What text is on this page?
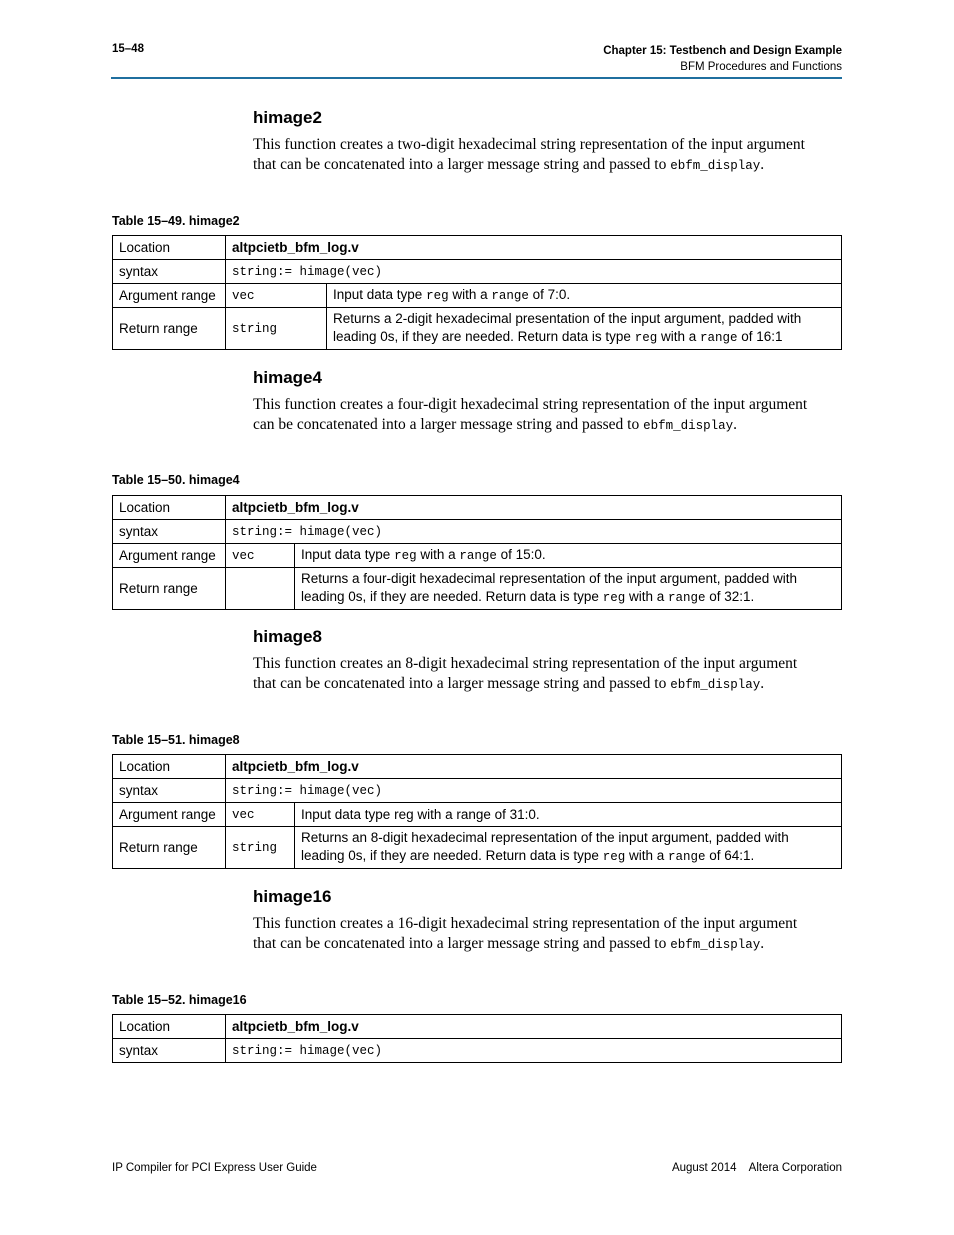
15–48	Chapter 15: Testbench and Design Example
BFM Procedures and Functions
himage2

This function creates a two-digit hexadecimal string representation of the input argument that can be concatenated into a larger message string and passed to ebfm_display.

Table 15–49. himage2
Location	altpcietb_bfm_log.v	
syntax	string:= himage(vec)	
Argument range	vec	Input data type reg with a range of 7:0.
Return range	string	Returns a 2-digit hexadecimal presentation of the input argument, padded with leading 0s, if they are needed. Return data is type reg with a range of 16:1
himage4

This function creates a four-digit hexadecimal string representation of the input argument can be concatenated into a larger message string and passed to ebfm_display.

Table 15–50. himage4
Location	altpcietb_bfm_log.v	
syntax	string:= himage(vec)	
Argument range	vec	Input data type reg with a range of 15:0.
Return range		Returns a four-digit hexadecimal representation of the input argument, padded with leading 0s, if they are needed. Return data is type reg with a range of 32:1.
himage8

This function creates an 8-digit hexadecimal string representation of the input argument that can be concatenated into a larger message string and passed to ebfm_display.

Table 15–51. himage8
Location	altpcietb_bfm_log.v	
syntax	string:= himage(vec)	
Argument range	vec	Input data type reg with a range of 31:0.
Return range	string	Returns an 8-digit hexadecimal representation of the input argument, padded with leading 0s, if they are needed. Return data is type reg with a range of 64:1.
himage16

This function creates a 16-digit hexadecimal string representation of the input argument that can be concatenated into a larger message string and passed to ebfm_display.

Table 15–52. himage16
Location	altpcietb_bfm_log.v
syntax	string:= himage(vec)
IP Compiler for PCI Express User Guide	August 2014    Altera Corporation
